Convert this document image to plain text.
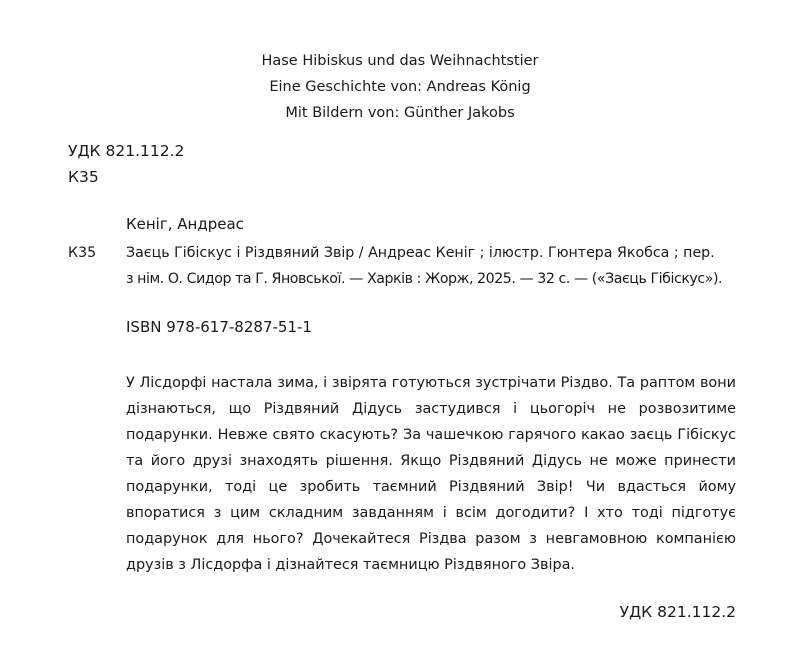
Hase Hibiskus und das Weihnachtstier
Eine Geschichte von: Andreas König
Mit Bildern von: Günther Jakobs
УДК 821.112.2
К35
Кеніг, Андреас
К35 Заєць Гібіскус і Різдвяний Звір / Андреас Кеніг ; ілюстр. Гюнтера Якобса ; пер.
з нім. О. Сидор та Г. Яновської. — Харків : Жорж, 2025. — 32 с. — («Заєць Гібіскус»).
ISBN 978-617-8287-51-1
У Лісдорфі настала зима, і звірята готуються зустрічати Різдво. Та раптом вони дізнаються, що Різдвяний Дідусь застудився і цьогоріч не розвозитиме подарунки. Невже свято скасують? За чашечкою гарячого какао заєць Гібіскус та його друзі знаходять рішення. Якщо Різдвяний Дідусь не може принести подарунки, тоді це зробить таємний Різдвяний Звір! Чи вдасться йому впоратися з цим складним завданням і всім догодити? І хто тоді підготує подарунок для нього? Дочекайтеся Різдва разом з невгамовною компанією друзів з Лісдорфа і дізнайтеся таємницю Різдвяного Звіра.
УДК 821.112.2
